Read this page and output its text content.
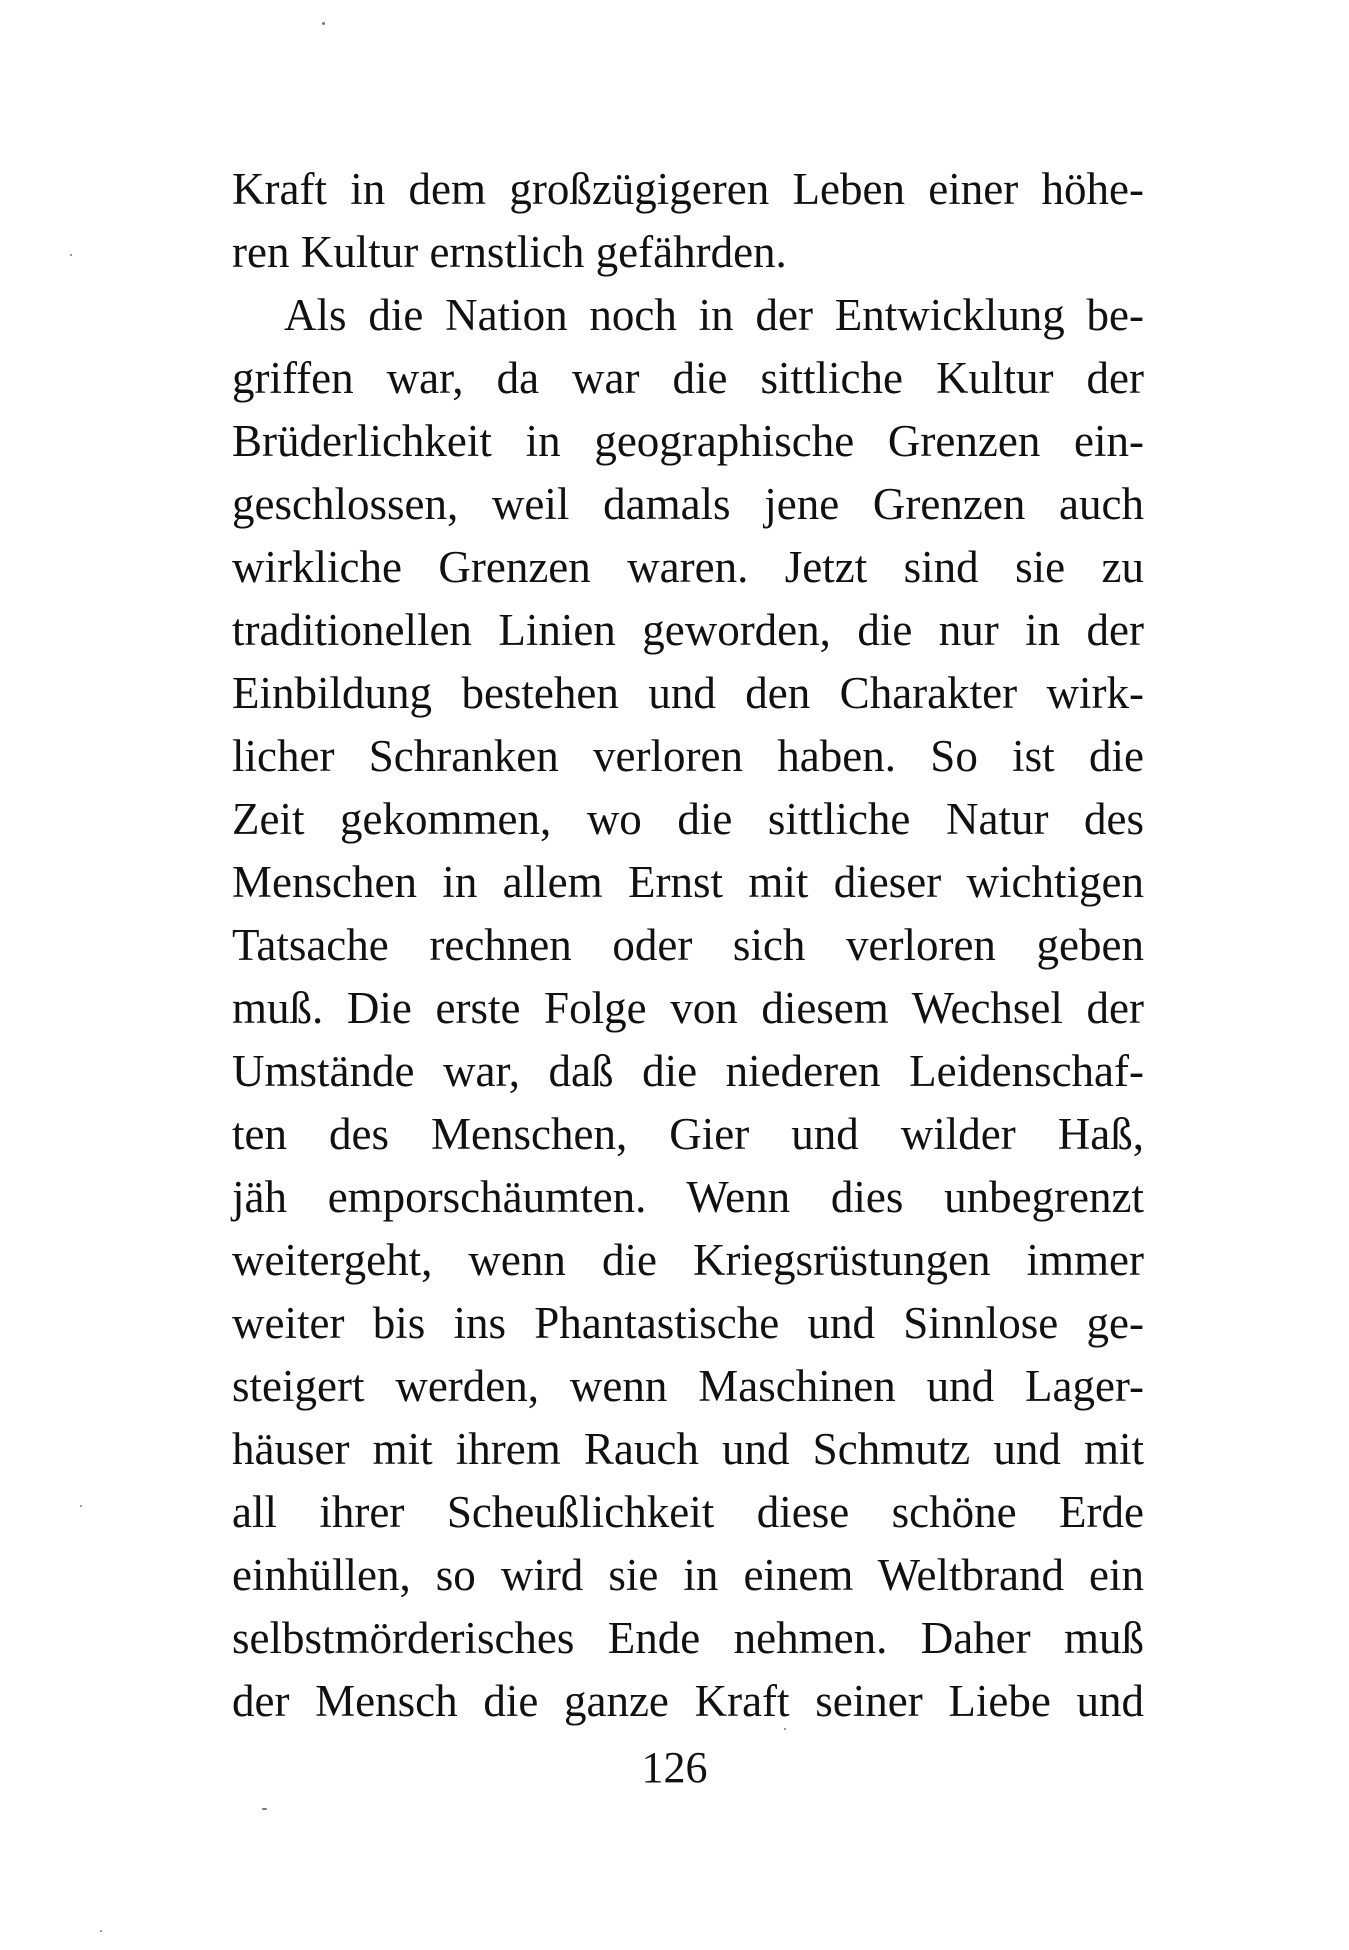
Kraft in dem großzügigeren Leben einer höhe-
ren Kultur ernstlich gefährden.
Als die Nation noch in der Entwicklung be-
griffen war, da war die sittliche Kultur der
Brüderlichkeit in geographische Grenzen ein-
geschlossen, weil damals jene Grenzen auch
wirkliche Grenzen waren. Jetzt sind sie zu
traditionellen Linien geworden, die nur in der
Einbildung bestehen und den Charakter wirk-
licher Schranken verloren haben. So ist die
Zeit gekommen, wo die sittliche Natur des
Menschen in allem Ernst mit dieser wichtigen
Tatsache rechnen oder sich verloren geben
muß. Die erste Folge von diesem Wechsel der
Umstände war, daß die niederen Leidenschaf-
ten des Menschen, Gier und wilder Haß,
jäh emporschäumten. Wenn dies unbegrenzt
weitergeht, wenn die Kriegsrüstungen immer
weiter bis ins Phantastische und Sinnlose ge-
steigert werden, wenn Maschinen und Lager-
häuser mit ihrem Rauch und Schmutz und mit
all ihrer Scheußlichkeit diese schöne Erde
einhüllen, so wird sie in einem Weltbrand ein
selbstmörderisches Ende nehmen. Daher muß
der Mensch die ganze Kraft seiner Liebe und
126
